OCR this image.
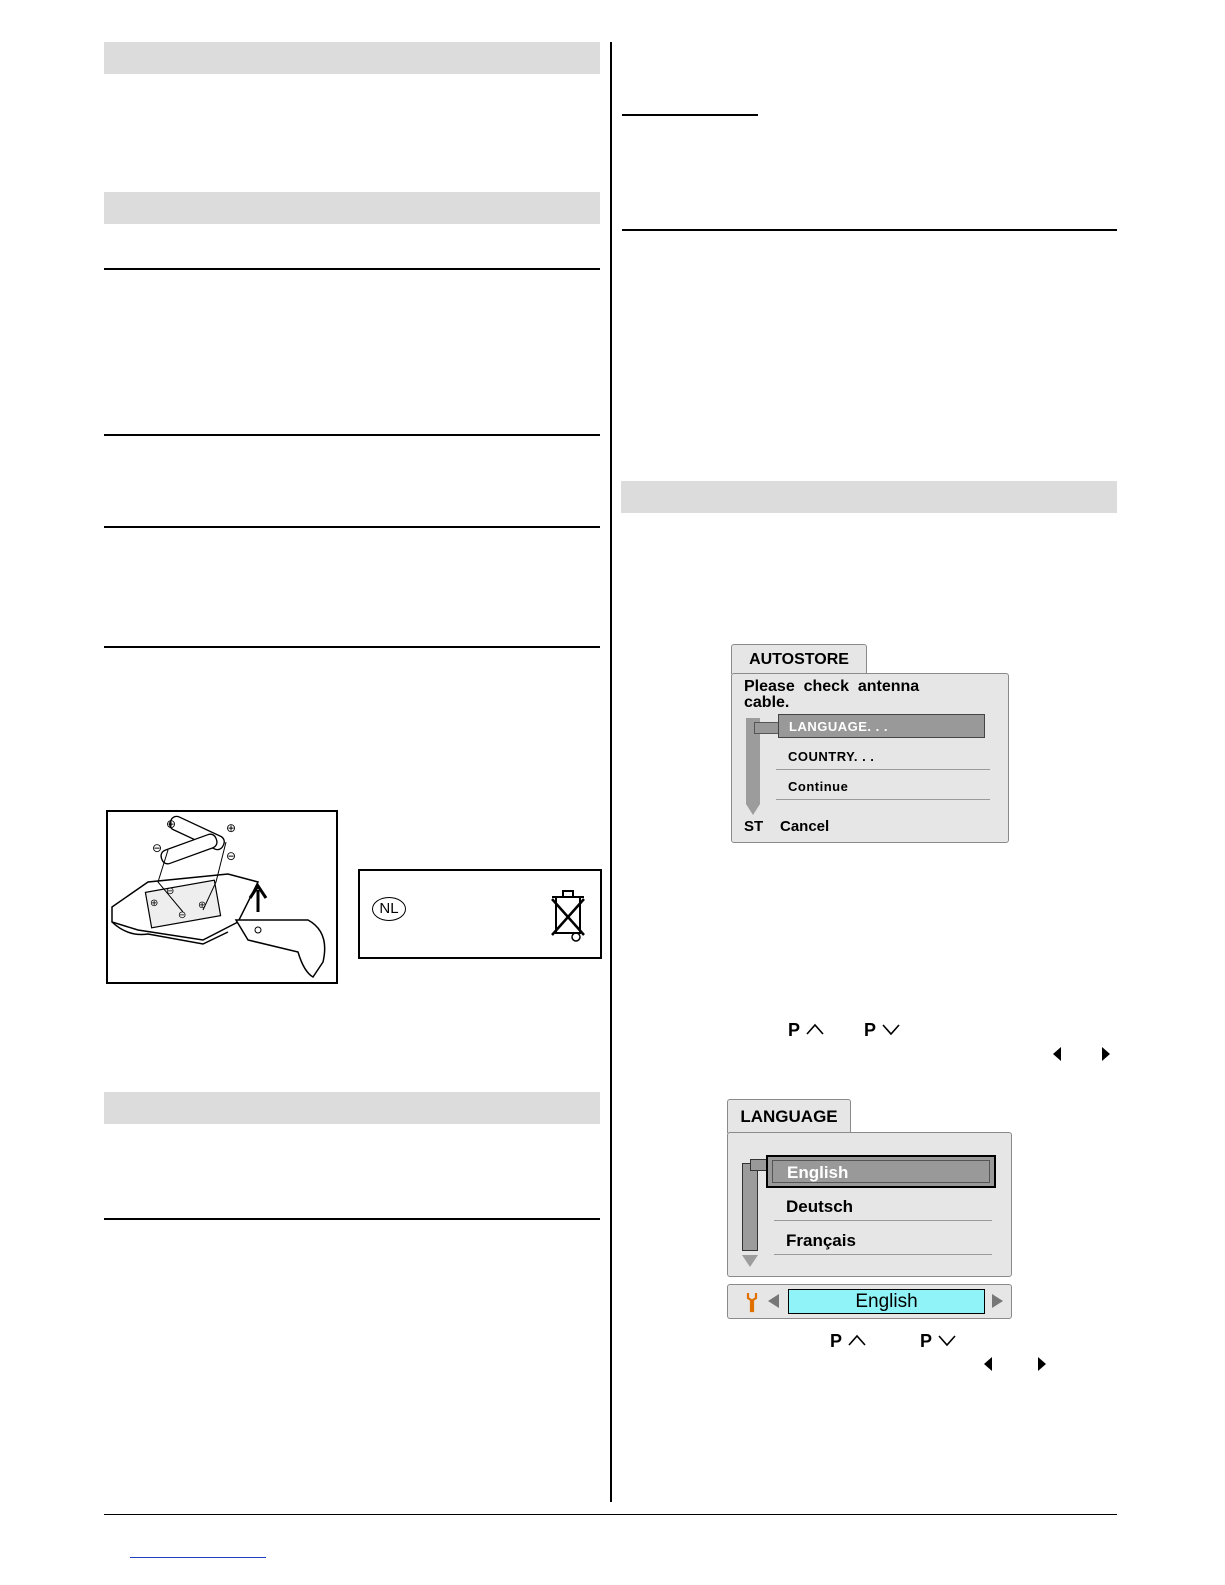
⊕	⊕
⊖
⊖
⊖
⊕
⊖
⊕	NL
AUTOSTORE
Please  check  antenna
cable.
LANGUAGE. . .
COUNTRY. . .
Continue
ST Cancel
P	P
LANGUAGE
English
Deutsch
Français
English
P	P
